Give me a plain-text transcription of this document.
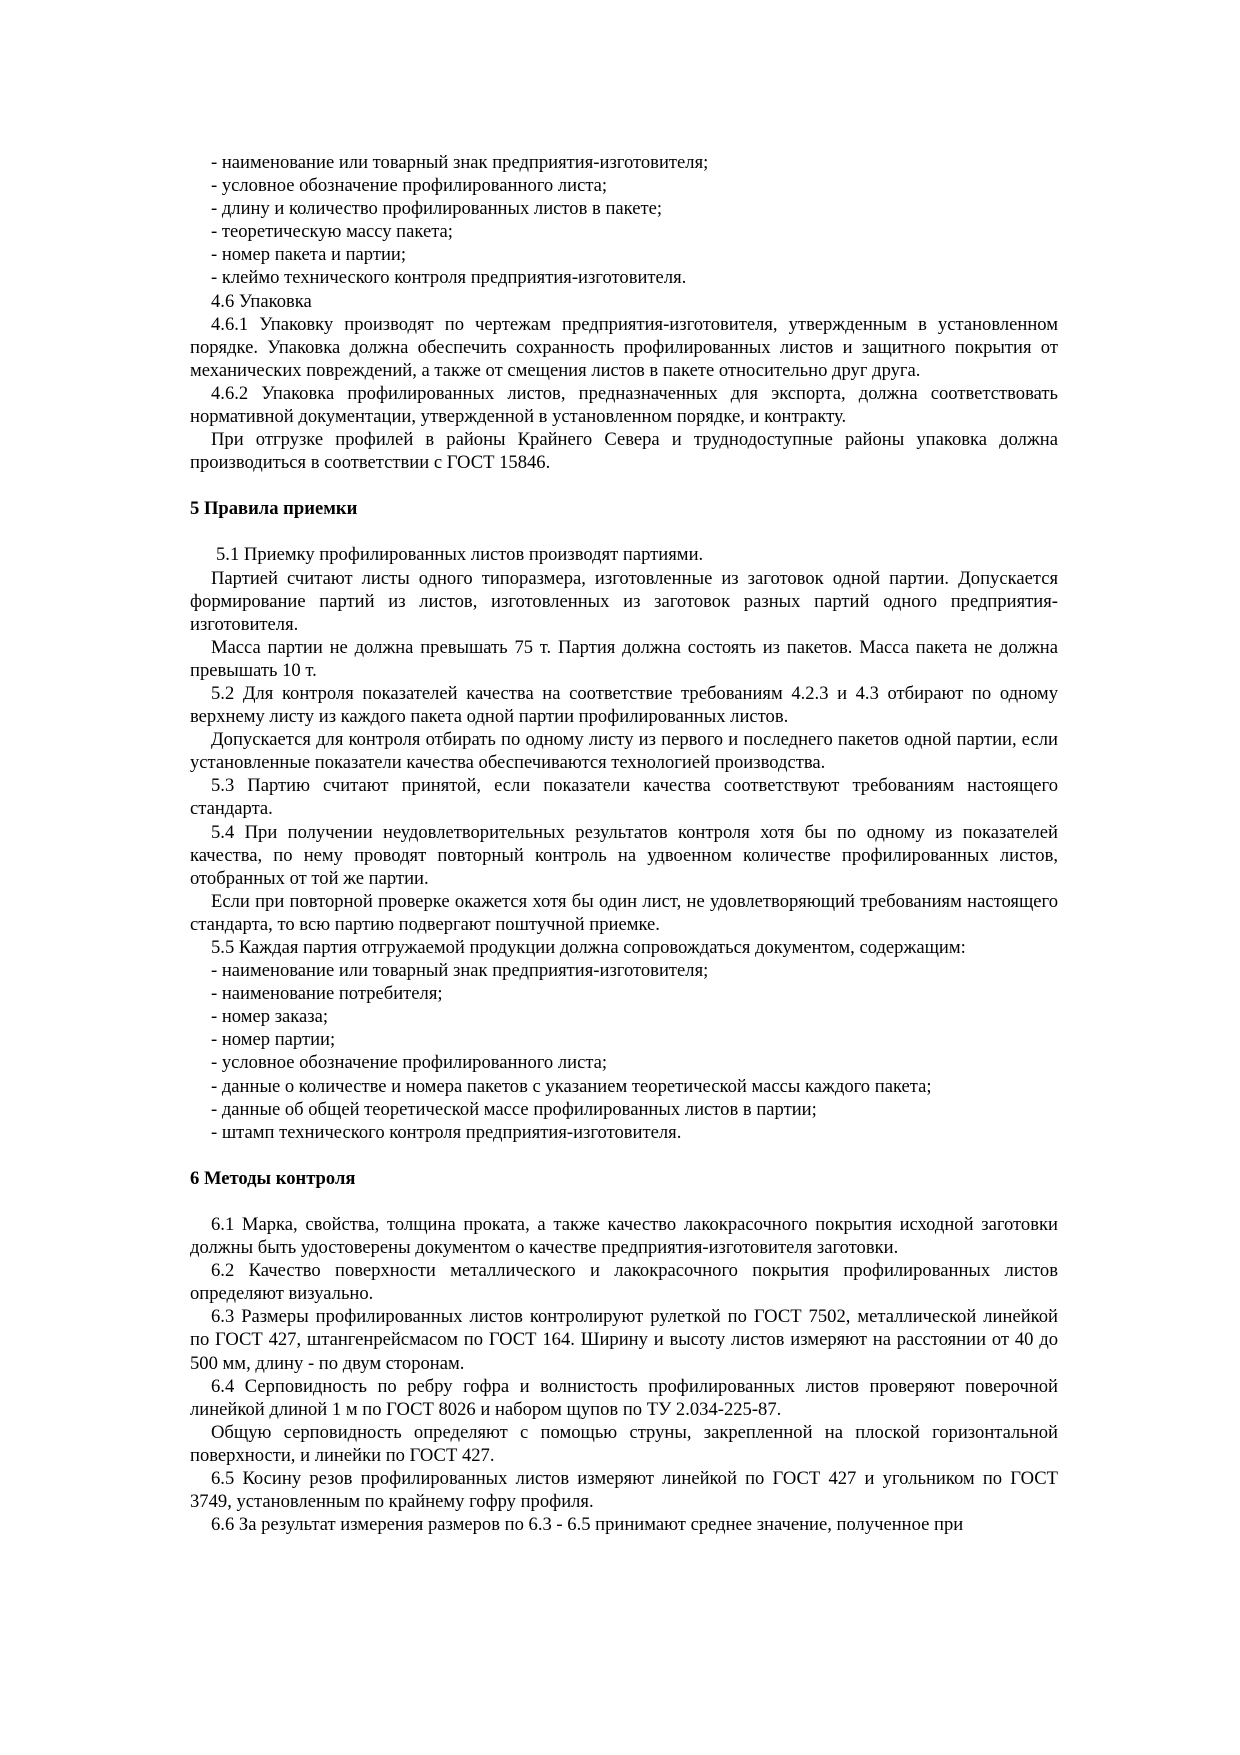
- наименование или товарный знак предприятия-изготовителя;

- условное обозначение профилированного листа;

- длину и количество профилированных листов в пакете;

- теоретическую массу пакета;

- номер пакета и партии;

- клеймо технического контроля предприятия-изготовителя.

4.6 Упаковка

4.6.1 Упаковку производят по чертежам предприятия-изготовителя, утвержденным в установленном порядке. Упаковка должна обеспечить сохранность профилированных листов и защитного покрытия от механических повреждений, а также от смещения листов в пакете относительно друг друга.

4.6.2 Упаковка профилированных листов, предназначенных для экспорта, должна соответствовать нормативной документации, утвержденной в установленном порядке, и контракту.

При отгрузке профилей в районы Крайнего Севера и труднодоступные районы упаковка должна производиться в соответствии с ГОСТ 15846.

5 Правила приемки

5.1 Приемку профилированных листов производят партиями.

Партией считают листы одного типоразмера, изготовленные из заготовок одной партии. Допускается формирование партий из листов, изготовленных из заготовок разных партий одного предприятия-изготовителя.

Масса партии не должна превышать 75 т. Партия должна состоять из пакетов. Масса пакета не должна превышать 10 т.

5.2 Для контроля показателей качества на соответствие требованиям 4.2.3 и 4.3 отбирают по одному верхнему листу из каждого пакета одной партии профилированных листов.

Допускается для контроля отбирать по одному листу из первого и последнего пакетов одной партии, если установленные показатели качества обеспечиваются технологией производства.

5.3 Партию считают принятой, если показатели качества соответствуют требованиям настоящего стандарта.

5.4 При получении неудовлетворительных результатов контроля хотя бы по одному из показателей качества, по нему проводят повторный контроль на удвоенном количестве профилированных листов, отобранных от той же партии.

Если при повторной проверке окажется хотя бы один лист, не удовлетворяющий требованиям настоящего стандарта, то всю партию подвергают поштучной приемке.

5.5 Каждая партия отгружаемой продукции должна сопровождаться документом, содержащим:

- наименование или товарный знак предприятия-изготовителя;

- наименование потребителя;

- номер заказа;

- номер партии;

- условное обозначение профилированного листа;

- данные о количестве и номера пакетов с указанием теоретической массы каждого пакета;

- данные об общей теоретической массе профилированных листов в партии;

- штамп технического контроля предприятия-изготовителя.

6 Методы контроля

6.1 Марка, свойства, толщина проката, а также качество лакокрасочного покрытия исходной заготовки должны быть удостоверены документом о качестве предприятия-изготовителя заготовки.

6.2 Качество поверхности металлического и лакокрасочного покрытия профилированных листов определяют визуально.

6.3 Размеры профилированных листов контролируют рулеткой по ГОСТ 7502, металлической линейкой по ГОСТ 427, штангенрейсмасом по ГОСТ 164. Ширину и высоту листов измеряют на расстоянии от 40 до 500 мм, длину - по двум сторонам.

6.4 Серповидность по ребру гофра и волнистость профилированных листов проверяют поверочной линейкой длиной 1 м по ГОСТ 8026 и набором щупов по ТУ 2.034-225-87.

Общую серповидность определяют с помощью струны, закрепленной на плоской горизонтальной поверхности, и линейки по ГОСТ 427.

6.5 Косину резов профилированных листов измеряют линейкой по ГОСТ 427 и угольником по ГОСТ 3749, установленным по крайнему гофру профиля.

6.6 За результат измерения размеров по 6.3 - 6.5 принимают среднее значение, полученное при
